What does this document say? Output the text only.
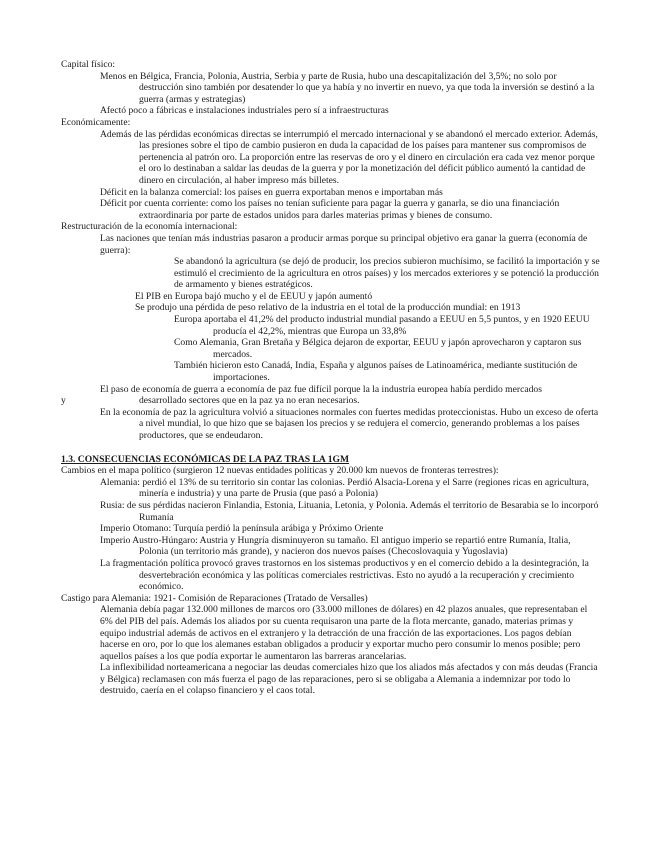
Capital físico:

Menos en Bélgica, Francia, Polonia, Austria, Serbia y parte de Rusia, hubo una descapitalización del 3,5%; no solo por destrucción sino también por desatender lo que ya había y no invertir en nuevo, ya que toda la inversión se destinó a la guerra (armas y estrategias)

Afectó poco a fábricas e instalaciones industriales pero sí a infraestructuras

Económicamente:

Además de las pérdidas económicas directas se interrumpió el mercado internacional y se abandonó el mercado exterior. Además, las presiones sobre el tipo de cambio pusieron en duda la capacidad de los países para mantener sus compromisos de pertenencia al patrón oro. La proporción entre las reservas de oro y el dinero en circulación era cada vez menor porque el oro lo destinaban a saldar las deudas de la guerra y por la monetización del déficit público aumentó la cantidad de dinero en circulación, al haber impreso más billetes.

Déficit en la balanza comercial: los países en guerra exportaban menos e importaban más

Déficit por cuenta corriente: como los países no tenían suficiente para pagar la guerra y ganarla, se dio una financiación extraordinaria por parte de estados unidos para darles materias primas y bienes de consumo.

Restructuración de la economía internacional:

Las naciones que tenían más industrias pasaron a producir armas porque su principal objetivo era ganar la guerra (economía de guerra):

Se abandonó la agricultura (se dejó de producir, los precios subieron muchísimo, se facilitó la importación y se estimuló el crecimiento de la agricultura en otros países) y los mercados exteriores y se potenció la producción de armamento y bienes estratégicos.

El PIB en Europa bajó mucho y el de EEUU y japón aumentó

Se produjo una pérdida de peso relativo de la industria en el total de la producción mundial: en 1913

Europa aportaba el 41,2% del producto industrial mundial pasando a EEUU en 5,5 puntos, y en 1920 EEUU producía el 42,2%, mientras que Europa un 33,8%

Como Alemania, Gran Bretaña y Bélgica dejaron de exportar, EEUU y japón aprovecharon y captaron sus mercados.

También hicieron esto Canadá, India, España y algunos países de Latinoamérica, mediante sustitución de importaciones.

El paso de economía de guerra a economía de paz fue difícil porque la la industria europea había perdido mercados
y	desarrollado sectores que en la paz ya no eran necesarios.

En la economía de paz la agricultura volvió a situaciones normales con fuertes medidas proteccionistas. Hubo un exceso de oferta a nivel mundial, lo que hizo que se bajasen los precios y se redujera el comercio, generando problemas a los países productores, que se endeudaron.

1.3. CONSECUENCIAS ECONÓMICAS DE LA PAZ TRAS LA 1GM

Cambios en el mapa político (surgieron 12 nuevas entidades políticas y 20.000 km nuevos de fronteras terrestres):

Alemania: perdió el 13% de su territorio sin contar las colonias. Perdió Alsacia-Lorena y el Sarre (regiones ricas en agricultura, minería e industria) y una parte de Prusia (que pasó a Polonia)

Rusia: de sus pérdidas nacieron Finlandia, Estonia, Lituania, Letonia, y Polonia. Además el territorio de Besarabia se lo incorporó Rumanía

Imperio Otomano: Turquía perdió la península arábiga y Próximo Oriente

Imperio Austro-Húngaro: Austria y Hungría disminuyeron su tamaño. El antiguo imperio se repartió entre Rumanía, Italia, Polonia (un territorio más grande), y nacieron dos nuevos países (Checoslovaquia y Yugoslavia)

La fragmentación política provocó graves trastornos en los sistemas productivos y en el comercio debido a la desintegración, la desvertebración económica y las políticas comerciales restrictivas. Esto no ayudó a la recuperación y crecimiento económico.

Castigo para Alemania: 1921- Comisión de Reparaciones (Tratado de Versalles)

Alemania debía pagar 132.000 millones de marcos oro (33.000 millones de dólares) en 42 plazos anuales, que representaban el 6% del PIB del país. Además los aliados por su cuenta requisaron una parte de la flota mercante, ganado, materias primas y equipo industrial además de activos en el extranjero y la detracción de una fracción de las exportaciones. Los pagos debían hacerse en oro, por lo que los alemanes estaban obligados a producir y exportar mucho pero consumir lo menos posible; pero aquellos países a los que podía exportar le aumentaron las barreras arancelarias.

La inflexibilidad norteamericana a negociar las deudas comerciales hizo que los aliados más afectados y con más deudas (Francia y Bélgica) reclamasen con más fuerza el pago de las reparaciones, pero si se obligaba a Alemania a indemnizar por todo lo destruido, caería en el colapso financiero y el caos total.
